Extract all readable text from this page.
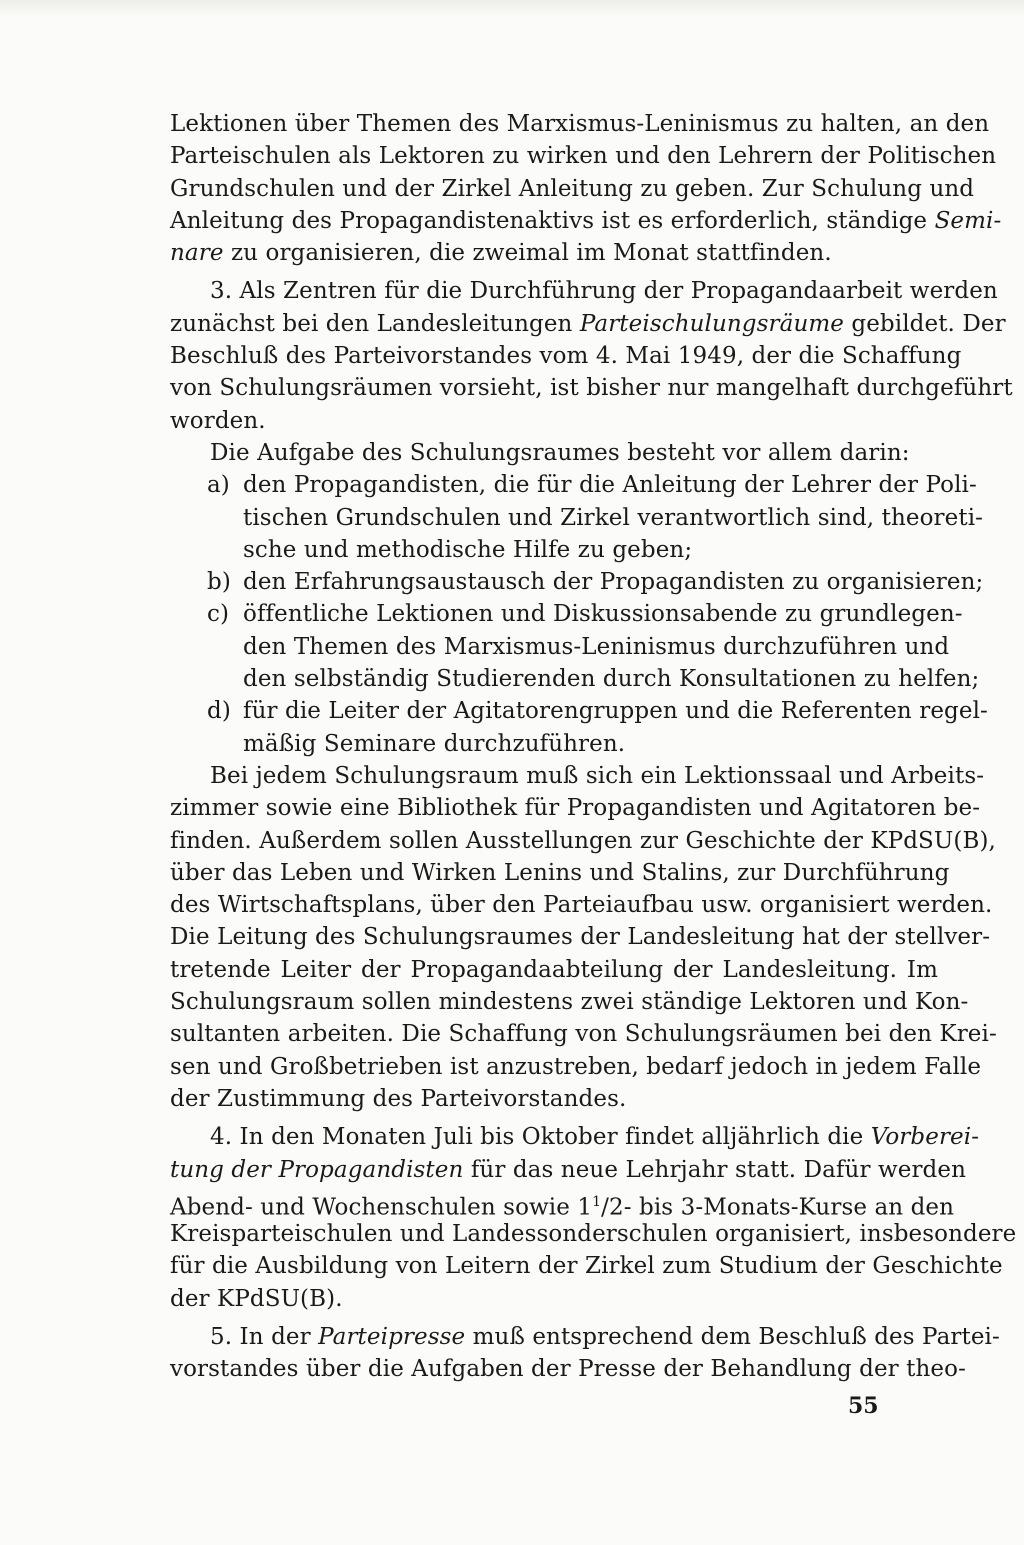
Lektionen über Themen des Marxismus-Leninismus zu halten, an den
Parteischulen als Lektoren zu wirken und den Lehrern der Politischen
Grundschulen und der Zirkel Anleitung zu geben. Zur Schulung und
Anleitung des Propagandistenaktivs ist es erforderlich, ständige Semi-
nare zu organisieren, die zweimal im Monat stattfinden.
3. Als Zentren für die Durchführung der Propagandaarbeit werden
zunächst bei den Landesleitungen Parteischulungsräume gebildet. Der
Beschluß des Parteivorstandes vom 4. Mai 1949, der die Schaffung
von Schulungsräumen vorsieht, ist bisher nur mangelhaft durchgeführt
worden.
Die Aufgabe des Schulungsraumes besteht vor allem darin:
a) den Propagandisten, die für die Anleitung der Lehrer der Poli-
tischen Grundschulen und Zirkel verantwortlich sind, theoreti-
sche und methodische Hilfe zu geben;
b) den Erfahrungsaustausch der Propagandisten zu organisieren;
c) öffentliche Lektionen und Diskussionsabende zu grundlegen-
den Themen des Marxismus-Leninismus durchzuführen und
den selbständig Studierenden durch Konsultationen zu helfen;
d) für die Leiter der Agitatorengruppen und die Referenten regel-
mäßig Seminare durchzuführen.
Bei jedem Schulungsraum muß sich ein Lektionssaal und Arbeits-
zimmer sowie eine Bibliothek für Propagandisten und Agitatoren be-
finden. Außerdem sollen Ausstellungen zur Geschichte der KPdSU(B),
über das Leben und Wirken Lenins und Stalins, zur Durchführung
des Wirtschaftsplans, über den Parteiaufbau usw. organisiert werden.
Die Leitung des Schulungsraumes der Landesleitung hat der stellver-
tretende Leiter der Propagandaabteilung der Landesleitung. Im
Schulungsraum sollen mindestens zwei ständige Lektoren und Kon-
sultanten arbeiten. Die Schaffung von Schulungsräumen bei den Krei-
sen und Großbetrieben ist anzustreben, bedarf jedoch in jedem Falle
der Zustimmung des Parteivorstandes.
4. In den Monaten Juli bis Oktober findet alljährlich die Vorberei-
tung der Propagandisten für das neue Lehrjahr statt. Dafür werden
Abend- und Wochenschulen sowie $1^1/2-$ bis 3-Monats-Kurse an den
Kreisparteischulen und Landessonderschulen organisiert, insbesondere
für die Ausbildung von Leitern der Zirkel zum Studium der Geschichte
der KPdSU(B).
5. In der Parteipresse muß entsprechend dem Beschluß des Partei-
vorstandes über die Aufgaben der Presse der Behandlung der theo-
55
